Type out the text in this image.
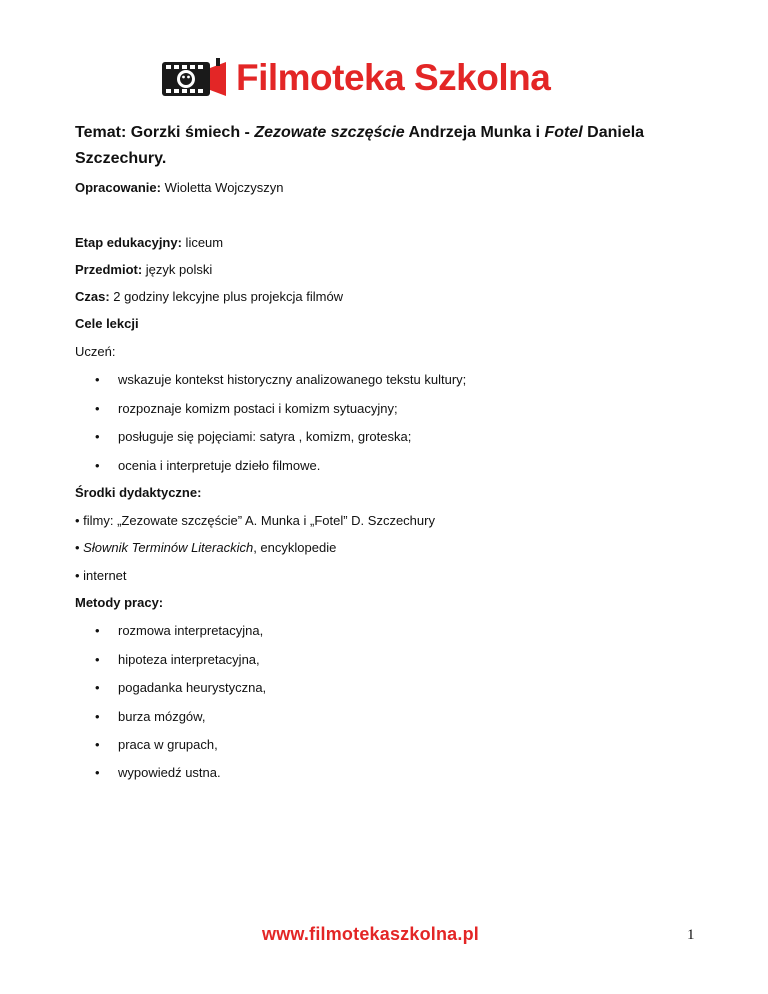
Filmoteka Szkolna
Temat: Gorzki śmiech - Zezowate szczęście Andrzeja Munka i Fotel Daniela Szczechury.
Opracowanie: Wioletta Wojczyszyn
Etap edukacyjny: liceum
Przedmiot: język polski
Czas: 2 godziny lekcyjne plus projekcja filmów
Cele lekcji
Uczeń:
• wskazuje kontekst historyczny analizowanego tekstu kultury;
• rozpoznaje komizm postaci i komizm sytuacyjny;
• posługuje się pojęciami: satyra , komizm, groteska;
• ocenia i interpretuje dzieło filmowe.
Środki dydaktyczne:
• filmy: „Zezowate szczęście” A. Munka i „Fotel” D. Szczechury
• Słownik Terminów Literackich, encyklopedie
• internet
Metody pracy:
• rozmowa interpretacyjna,
• hipoteza interpretacyjna,
• pogadanka heurystyczna,
• burza mózgów,
• praca w grupach,
• wypowiedź ustna.
www.filmotekaszkolna.pl	1
